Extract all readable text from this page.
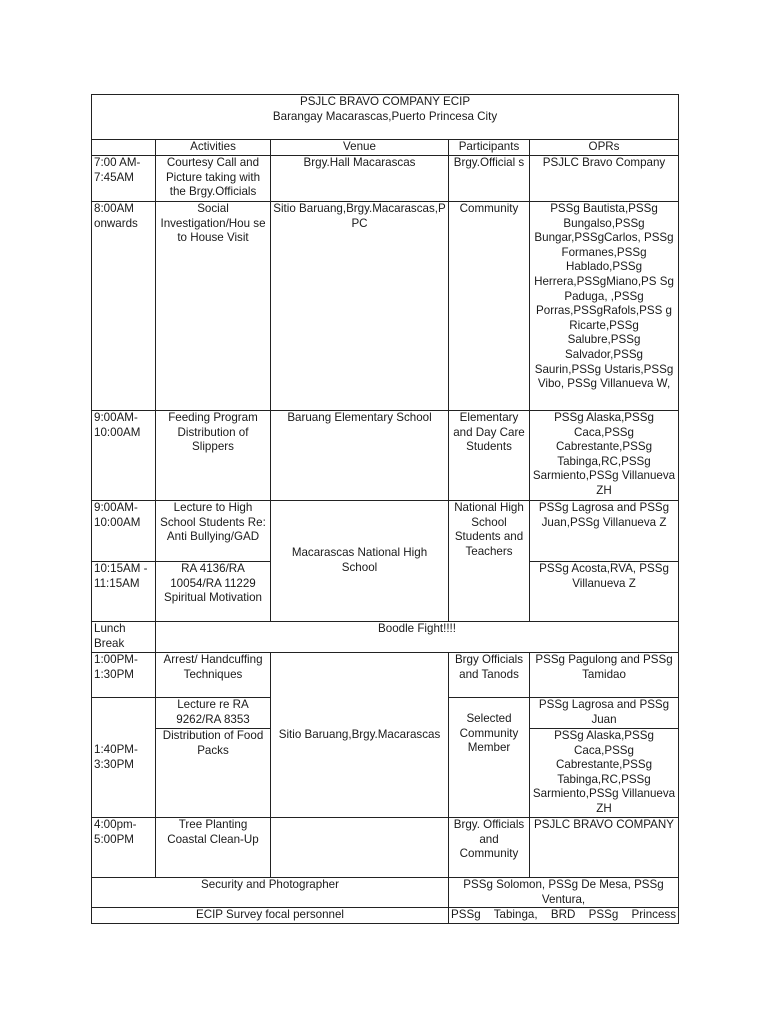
PSJLC BRAVO COMPANY ECIP
Barangay Macarascas,Puerto Princesa City				

	Activities	Venue	Participants	OPRs
7:00 AM- 7:45AM	Courtesy Call and Picture taking with the Brgy.Officials	Brgy.Hall Macarascas	Brgy.Official s	PSJLC Bravo Company
8:00AM onwards	Social Investigation/Hou se to House Visit	Sitio Baruang,Brgy.Macarascas,P PC	Community	PSSg Bautista,PSSg Bungalso,PSSg Bungar,PSSgCarlos, PSSg Formanes,PSSg Hablado,PSSg Herrera,PSSgMiano,PS Sg Paduga, ,PSSg Porras,PSSgRafols,PSS g Ricarte,PSSg Salubre,PSSg Salvador,PSSg Saurin,PSSg Ustaris,PSSg Vibo, PSSg Villanueva W,
9:00AM- 10:00AM	Feeding Program Distribution of Slippers	Baruang Elementary School	Elementary and Day Care Students	PSSg Alaska,PSSg Caca,PSSg Cabrestante,PSSg Tabinga,RC,PSSg Sarmiento,PSSg Villanueva ZH
9:00AM- 10:00AM	Lecture to High School Students Re: Anti Bullying/GAD	Macarascas National High School	National High School Students and Teachers	PSSg Lagrosa and PSSg Juan,PSSg Villanueva Z
10:15AM - 11:15AM	RA 4136/RA 10054/RA 11229 Spiritual Motivation			PSSg Acosta,RVA, PSSg Villanueva Z
Lunch Break	Boodle Fight!!!!			
1:00PM- 1:30PM	Arrest/ Handcuffing Techniques	Sitio Baruang,Brgy.Macarascas	Brgy Officials and Tanods	PSSg Pagulong and PSSg Tamidao
1:40PM- 3:30PM	Lecture re RA 9262/RA 8353		Selected Community Member	PSSg Lagrosa and PSSg Juan
	Distribution of Food Packs			PSSg Alaska,PSSg Caca,PSSg Cabrestante,PSSg Tabinga,RC,PSSg Sarmiento,PSSg Villanueva ZH
4:00pm- 5:00PM	Tree Planting Coastal Clean-Up		Brgy. Officials and Community	PSJLC BRAVO COMPANY
Security and Photographer			PSSg Solomon, PSSg De Mesa, PSSg Ventura,	
ECIP Survey focal personnel			PSSg Tabinga, BRD PSSg Princess	
